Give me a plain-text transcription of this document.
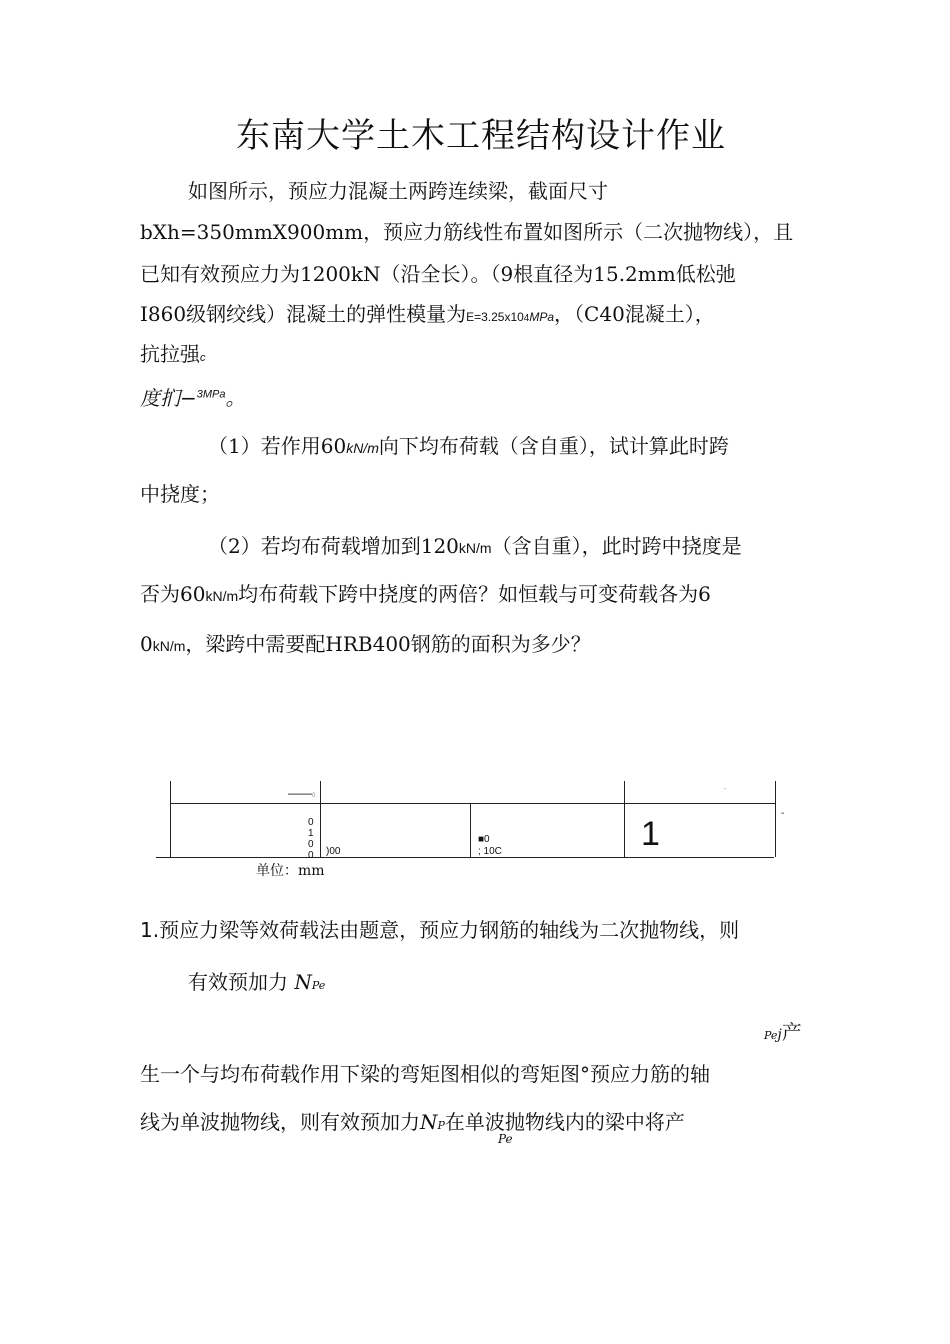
东南大学土木工程结构设计作业
如图所示，预应力混凝土两跨连续梁，截面尺寸
bXh=350mmX900mm，预应力筋线性布置如图所示（二次抛物线），且
已知有效预应力为1200kN（沿全长）。（9根直径为15.2mm低松弛
I860级钢绞线）混凝土的弹性模量为E=3.25x104MPa，（C40混凝土），
抗拉强c
度扪−$^{3MPa}$。
（1）若作用60kN/m向下均布荷载（含自重），试计算此时跨
中挠度；
（2）若均布荷载增加到120kN/m（含自重），此时跨中挠度是
否为60kN/m均布荷载下跨中挠度的两倍？如恒载与可变荷载各为6
0kN/m，梁跨中需要配HRB400钢筋的面积为多少？
——0
-
-
0
1
0
0 )00
■0
; 10C	1
单位：mm
1.预应力梁等效荷载法由题意，预应力钢筋的轴线为二次抛物线，则
有效预加力 NPe
Pej产
生一个与均布荷载作用下梁的弯矩图相似的弯矩图°预应力筋的轴
线为单波抛物线，则有效预加力NP在单波抛物线内的梁中将产
Pe
